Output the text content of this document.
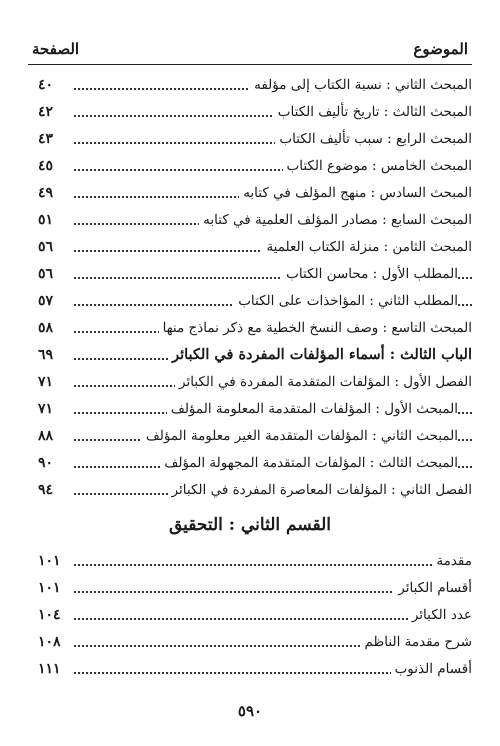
الموضوع
الصفحة
المبحث الثاني : نسبة الكتاب إلى مؤلفه
٤٠
المبحث الثالث : تاريخ تأليف الكتاب
٤٢
المبحث الرابع : سبب تأليف الكتاب
٤٣
المبحث الخامس : موضوع الكتاب
٤٥
المبحث السادس : منهج المؤلف في كتابه
٤٩
المبحث السابع : مصادر المؤلف العلمية في كتابه
٥١
المبحث الثامن : منزلة الكتاب العلمية
٥٦
المطلب الأول : محاسن الكتاب
٥٦
المطلب الثاني : المؤاخذات على الكتاب
٥٧
المبحث التاسع : وصف النسخ الخطية مع ذكر نماذج منها
٥٨
الباب الثالث : أسماء المؤلفات المفردة في الكبائر
٦٩
الفصل الأول : المؤلفات المتقدمة المفردة في الكبائر
٧١
المبحث الأول : المؤلفات المتقدمة المعلومة المؤلف
٧١
المبحث الثاني : المؤلفات المتقدمة الغير معلومة المؤلف
٨٨
المبحث الثالث : المؤلفات المتقدمة المجهولة المؤلف
٩٠
الفصل الثاني : المؤلفات المعاصرة المفردة في الكبائر
٩٤
القسم الثاني : التحقيق
مقدمة
١٠١
أقسام الكبائر
١٠١
عدد الكبائر
١٠٤
شرح مقدمة الناظم
١٠٨
أقسام الذنوب
١١١
٥٩٠
